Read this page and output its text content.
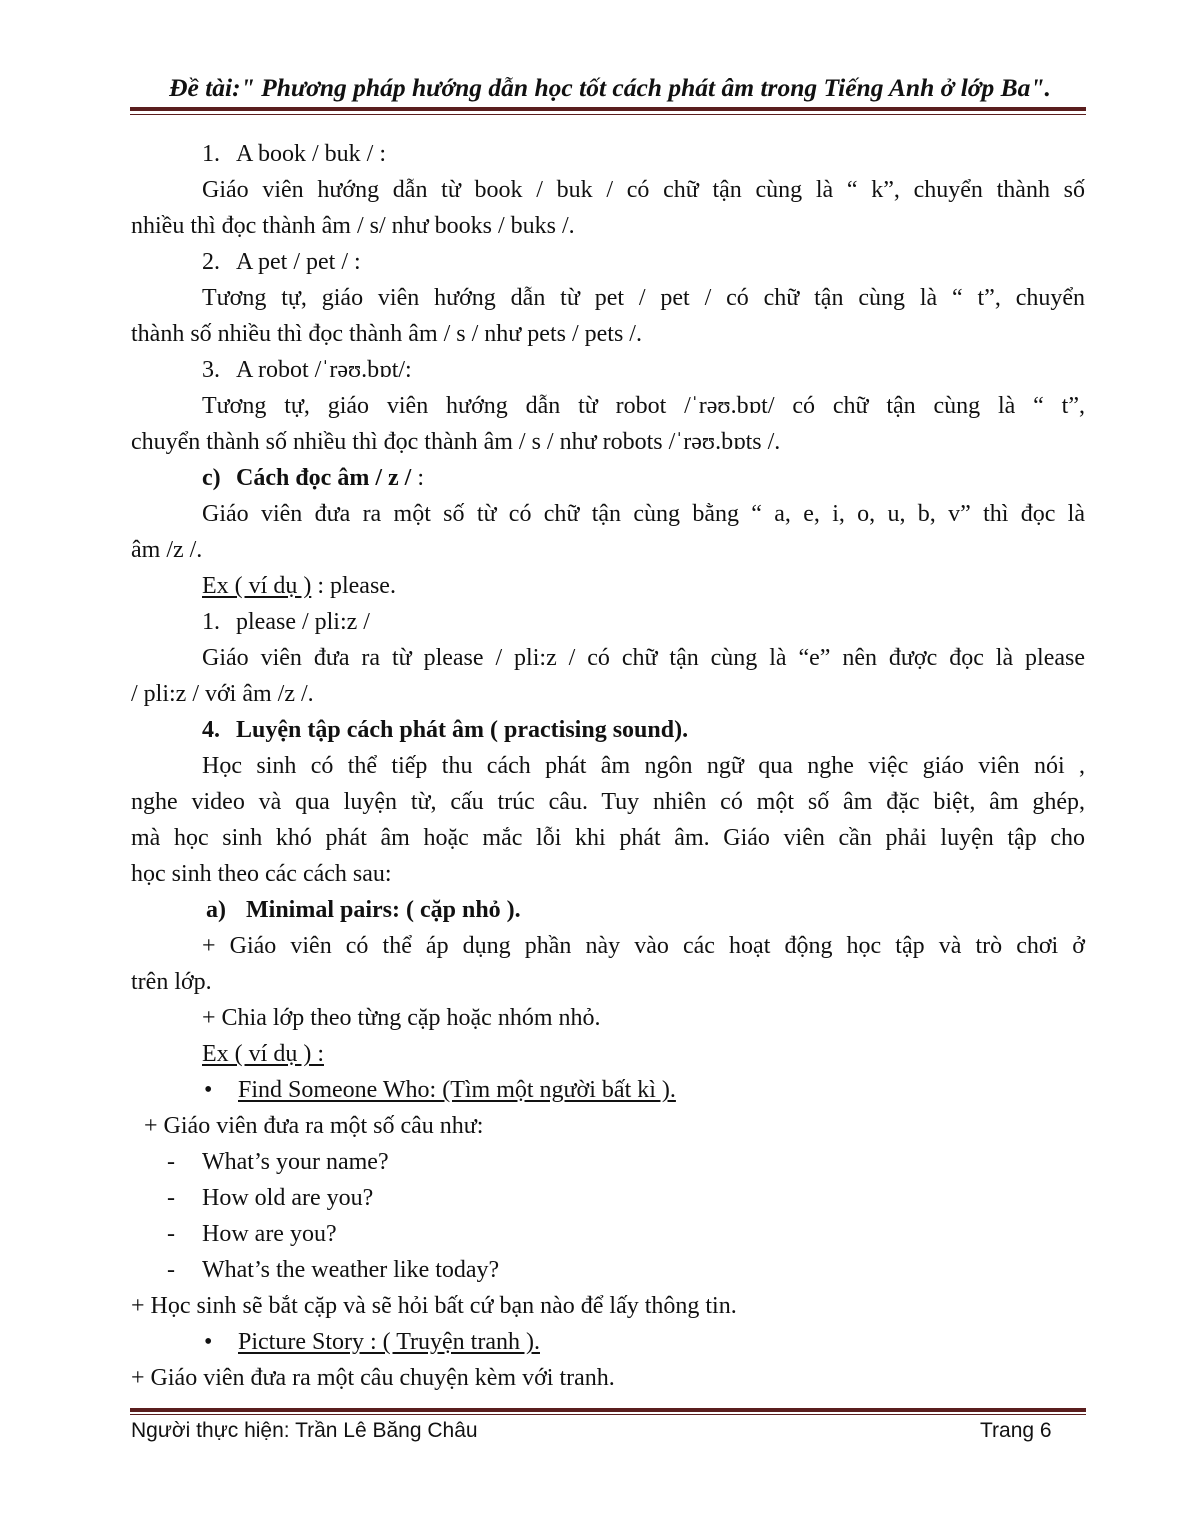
Đề tài:" Phương pháp hướng dẫn học tốt cách phát âm trong Tiếng Anh ở lớp Ba".
1. A book / buk / :
Giáo viên hướng dẫn từ book / buk / có chữ tận cùng là “ k”, chuyển thành số
nhiều thì đọc thành âm / s/ như books / buks /.
2. A pet / pet / :
Tương tự, giáo viên hướng dẫn từ pet / pet / có chữ tận cùng là “ t”, chuyển
thành số nhiều thì đọc thành âm / s / như pets / pets /.
3. A robot /ˈrəʊ.bɒt/:
Tương tự, giáo viên hướng dẫn từ robot /ˈrəʊ.bɒt/ có chữ tận cùng là “ t”,
chuyển thành số nhiều thì đọc thành âm / s / như robots /ˈrəʊ.bɒts /.
c) Cách đọc âm / z / :
Giáo viên đưa ra một số từ có chữ tận cùng bằng “ a, e, i, o, u, b, v” thì đọc là
âm /z /.
Ex ( ví dụ ) : please.
1. please / pli:z /
Giáo viên đưa ra từ please / pli:z / có chữ tận cùng là “e” nên được đọc là please
/ pli:z / với âm /z /.
4. Luyện tập cách phát âm ( practising sound).
Học sinh có thể tiếp thu cách phát âm ngôn ngữ qua nghe việc giáo viên nói ,
nghe video và qua luyện từ, cấu trúc câu. Tuy nhiên có một số âm đặc biệt, âm ghép,
mà học sinh khó phát âm hoặc mắc lỗi khi phát âm. Giáo viên cần phải luyện tập cho
học sinh theo các cách sau:
a) Minimal pairs: ( cặp nhỏ ).
+ Giáo viên có thể áp dụng phần này vào các hoạt động học tập và trò chơi ở
trên lớp.
+ Chia lớp theo từng cặp hoặc nhóm nhỏ.
Ex ( ví dụ ) :
• Find Someone Who: (Tìm một người bất kì ).
+ Giáo viên đưa ra một số câu như:
- What’s your name?
- How old are you?
- How are you?
- What’s the weather like today?
+ Học sinh sẽ bắt cặp và sẽ hỏi bất cứ bạn nào để lấy thông tin.
• Picture Story : ( Truyện tranh ).
+ Giáo viên đưa ra một câu chuyện kèm với tranh.
Người thực hiện: Trần Lê Băng Châu	Trang 6
